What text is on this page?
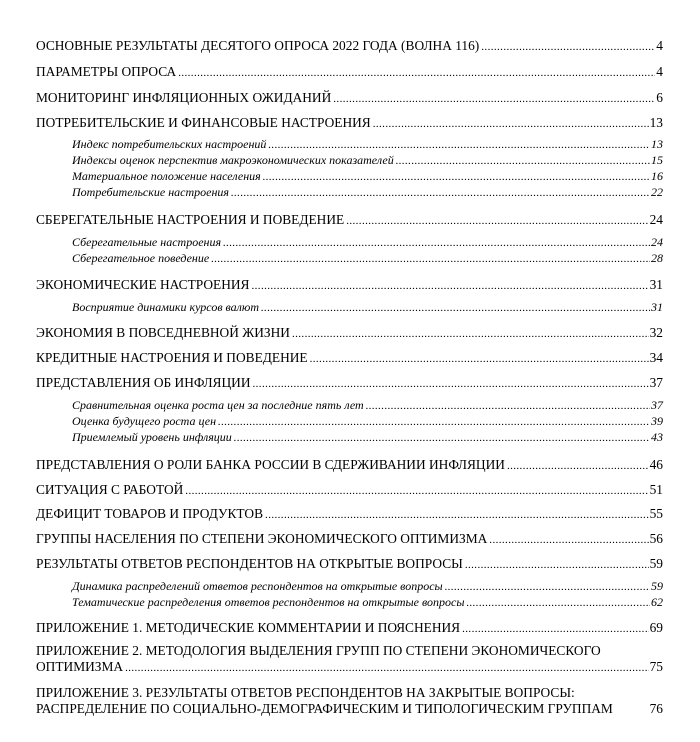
ОСНОВНЫЕ РЕЗУЛЬТАТЫ ДЕСЯТОГО ОПРОСА 2022 ГОДА (ВОЛНА 116) .....	4
ПАРАМЕТРЫ ОПРОСА .....	4
МОНИТОРИНГ ИНФЛЯЦИОННЫХ ОЖИДАНИЙ .....	6
ПОТРЕБИТЕЛЬСКИЕ И ФИНАНСОВЫЕ НАСТРОЕНИЯ .....	13
Индекс потребительских настроений .....	13
Индексы оценок перспектив макроэкономических показателей .....	15
Материальное положение населения .....	16
Потребительские настроения .....	22
СБЕРЕГАТЕЛЬНЫЕ НАСТРОЕНИЯ И ПОВЕДЕНИЕ .....	24
Сберегательные настроения .....	24
Сберегательное поведение .....	28
ЭКОНОМИЧЕСКИЕ НАСТРОЕНИЯ .....	31
Восприятие динамики курсов валют .....	31
ЭКОНОМИЯ В ПОВСЕДНЕВНОЙ ЖИЗНИ .....	32
КРЕДИТНЫЕ НАСТРОЕНИЯ И ПОВЕДЕНИЕ .....	34
ПРЕДСТАВЛЕНИЯ ОБ ИНФЛЯЦИИ .....	37
Сравнительная оценка роста цен за последние пять лет .....	37
Оценка будущего роста цен .....	39
Приемлемый уровень инфляции .....	43
ПРЕДСТАВЛЕНИЯ О РОЛИ БАНКА РОССИИ В СДЕРЖИВАНИИ ИНФЛЯЦИИ .....	46
СИТУАЦИЯ С РАБОТОЙ .....	51
ДЕФИЦИТ ТОВАРОВ И ПРОДУКТОВ .....	55
ГРУППЫ НАСЕЛЕНИЯ ПО СТЕПЕНИ ЭКОНОМИЧЕСКОГО ОПТИМИЗМА .....	56
РЕЗУЛЬТАТЫ ОТВЕТОВ РЕСПОНДЕНТОВ НА ОТКРЫТЫЕ ВОПРОСЫ .....	59
Динамика распределений ответов респондентов на открытые вопросы .....	59
Тематические распределения ответов респондентов на открытые вопросы .....	62
ПРИЛОЖЕНИЕ 1. МЕТОДИЧЕСКИЕ КОММЕНТАРИИ И ПОЯСНЕНИЯ .....	69
ПРИЛОЖЕНИЕ 2. МЕТОДОЛОГИЯ ВЫДЕЛЕНИЯ ГРУПП ПО СТЕПЕНИ ЭКОНОМИЧЕСКОГО
ОПТИМИЗМА .....	75
ПРИЛОЖЕНИЕ 3. РЕЗУЛЬТАТЫ ОТВЕТОВ РЕСПОНДЕНТОВ НА ЗАКРЫТЫЕ ВОПРОСЫ:
РАСПРЕДЕЛЕНИЕ ПО СОЦИАЛЬНО-ДЕМОГРАФИЧЕСКИМ И ТИПОЛОГИЧЕСКИМ ГРУППАМ	76
